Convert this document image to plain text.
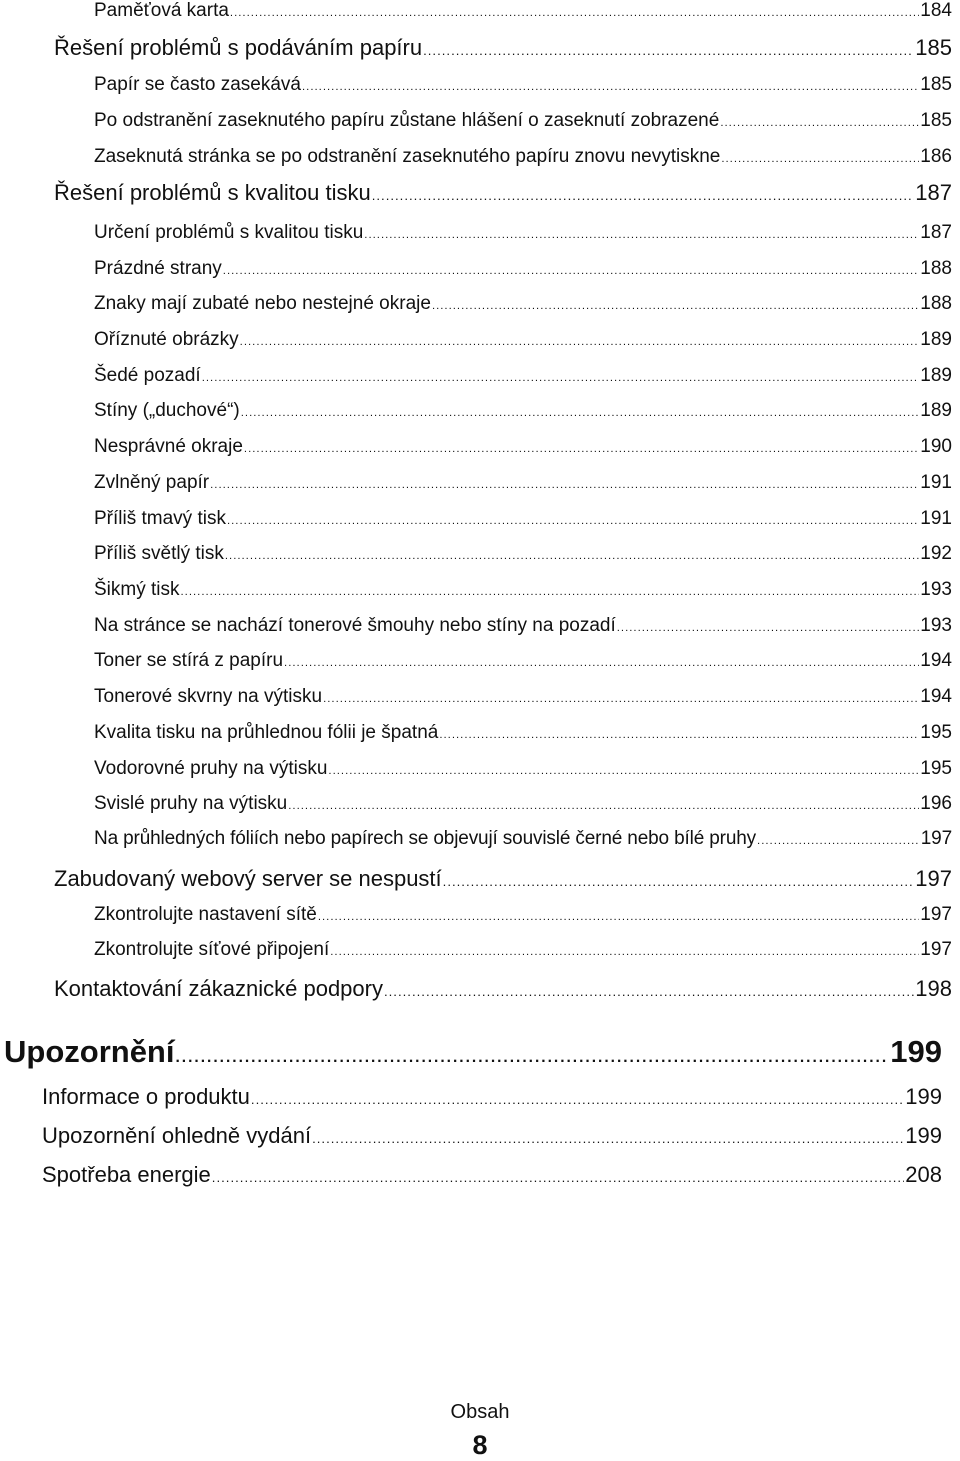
Paměťová karta .....	184
Řešení problémů s podáváním papíru .....	185
Papír se často zasekává .....	185
Po odstranění zaseknutého papíru zůstane hlášení o zaseknutí zobrazené .....	185
Zaseknutá stránka se po odstranění zaseknutého papíru znovu nevytiskne .....	186
Řešení problémů s kvalitou tisku .....	187
Určení problémů s kvalitou tisku .....	187
Prázdné strany .....	188
Znaky mají zubaté nebo nestejné okraje .....	188
Oříznuté obrázky .....	189
Šedé pozadí .....	189
Stíny („duchové“) .....	189
Nesprávné okraje .....	190
Zvlněný papír .....	191
Příliš tmavý tisk .....	191
Příliš světlý tisk .....	192
Šikmý tisk .....	193
Na stránce se nachází tonerové šmouhy nebo stíny na pozadí .....	193
Toner se stírá z papíru .....	194
Tonerové skvrny na výtisku .....	194
Kvalita tisku na průhlednou fólii je špatná .....	195
Vodorovné pruhy na výtisku .....	195
Svislé pruhy na výtisku .....	196
Na průhledných fóliích nebo papírech se objevují souvislé černé nebo bílé pruhy .....	197
Zabudovaný webový server se nespustí .....	197
Zkontrolujte nastavení sítě .....	197
Zkontrolujte síťové připojení .....	197
Kontaktování zákaznické podpory .....	198
Upozornění .....	199
Informace o produktu .....	199
Upozornění ohledně vydání .....	199
Spotřeba energie .....	208
Obsah
8
